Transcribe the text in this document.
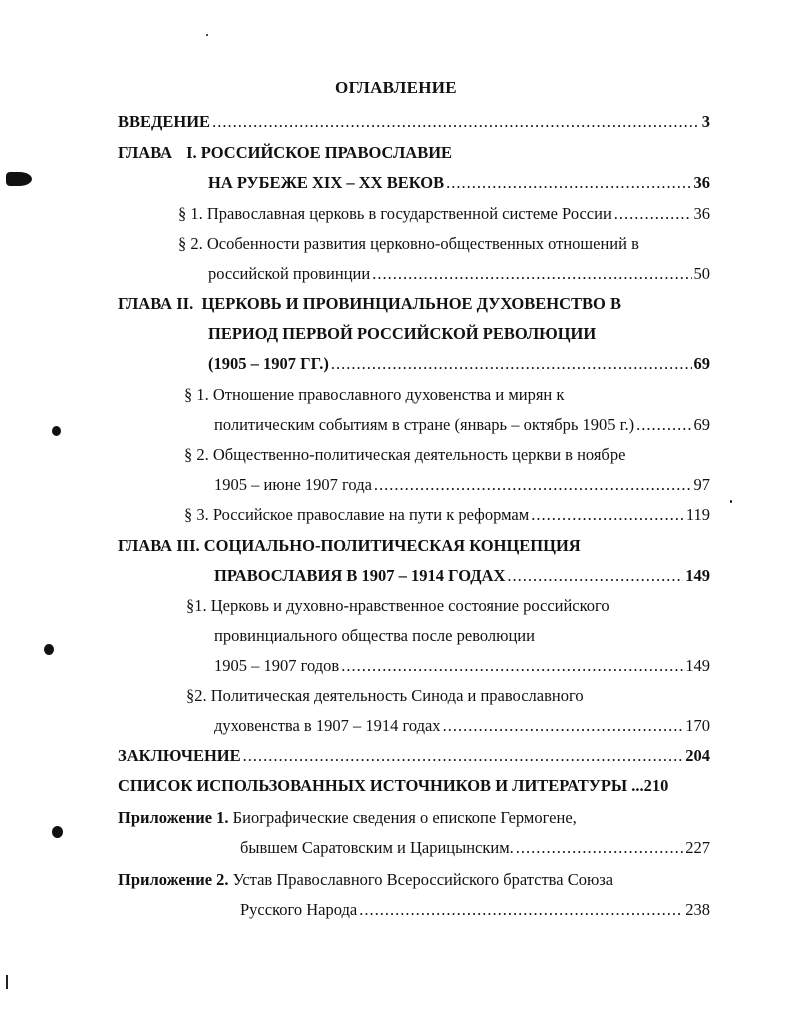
ОГЛАВЛЕНИЕ
ВВЕДЕНИЕ .....	3
ГЛАВА I.
РОССИЙСКОЕ ПРАВОСЛАВИЕ
НА РУБЕЖЕ XIX – XX ВЕКОВ .....	36
§ 1. Православная церковь в государственной системе России .....	36
§ 2. Особенности развития церковно-общественных отношений в
российской провинции .....	50
ГЛАВА II.
ЦЕРКОВЬ И ПРОВИНЦИАЛЬНОЕ ДУХОВЕНСТВО В
ПЕРИОД ПЕРВОЙ РОССИЙСКОЙ РЕВОЛЮЦИИ
(1905 – 1907 ГГ.) .....	69
§ 1. Отношение православного духовенства и мирян к
политическим событиям в стране (январь – октябрь 1905 г.) .....	69
§ 2. Общественно-политическая деятельность церкви в ноябре
1905 – июне 1907 года .....	97
§ 3. Российское православие на пути к реформам .....	119
ГЛАВА III.
СОЦИАЛЬНО-ПОЛИТИЧЕСКАЯ КОНЦЕПЦИЯ
ПРАВОСЛАВИЯ В 1907 – 1914 ГОДАХ .....	149
§1. Церковь и духовно-нравственное состояние российского
провинциального общества после революции
1905 – 1907 годов .....	149
§2. Политическая деятельность Синода и православного
духовенства в 1907 – 1914 годах .....	170
ЗАКЛЮЧЕНИЕ .....	204
СПИСОК ИСПОЛЬЗОВАННЫХ ИСТОЧНИКОВ И ЛИТЕРАТУРЫ
... 210
Приложение 1.
Биографические сведения о епископе Гермогене,
бывшем Саратовским и Царицынским. .....	227
Приложение 2.
Устав Православного Всероссийского братства Союза
Русского Народа .....	238
